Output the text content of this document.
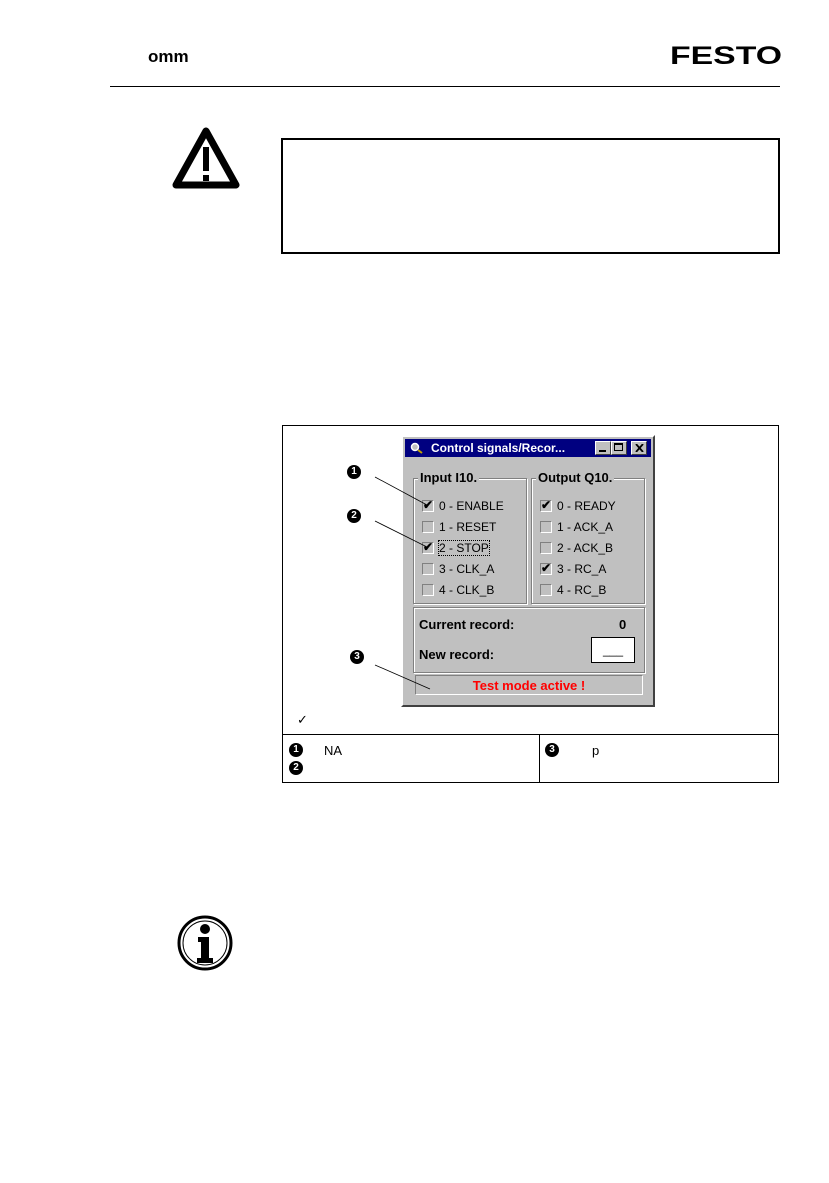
omm	FESTO
Control signals/Recor...
Input I10.
✔ 0 - ENABLE
1 - RESET
✔ 2 - STOP
3 - CLK_A
4 - CLK_B
Output Q10.
✔ 0 - READY
1 - ACK_A
2 - ACK_B
✔ 3 - RC_A
4 - RC_B
Current record:	0
New record:	___
Test mode active !
1
2
3
✓
1	NA
2
3	p
